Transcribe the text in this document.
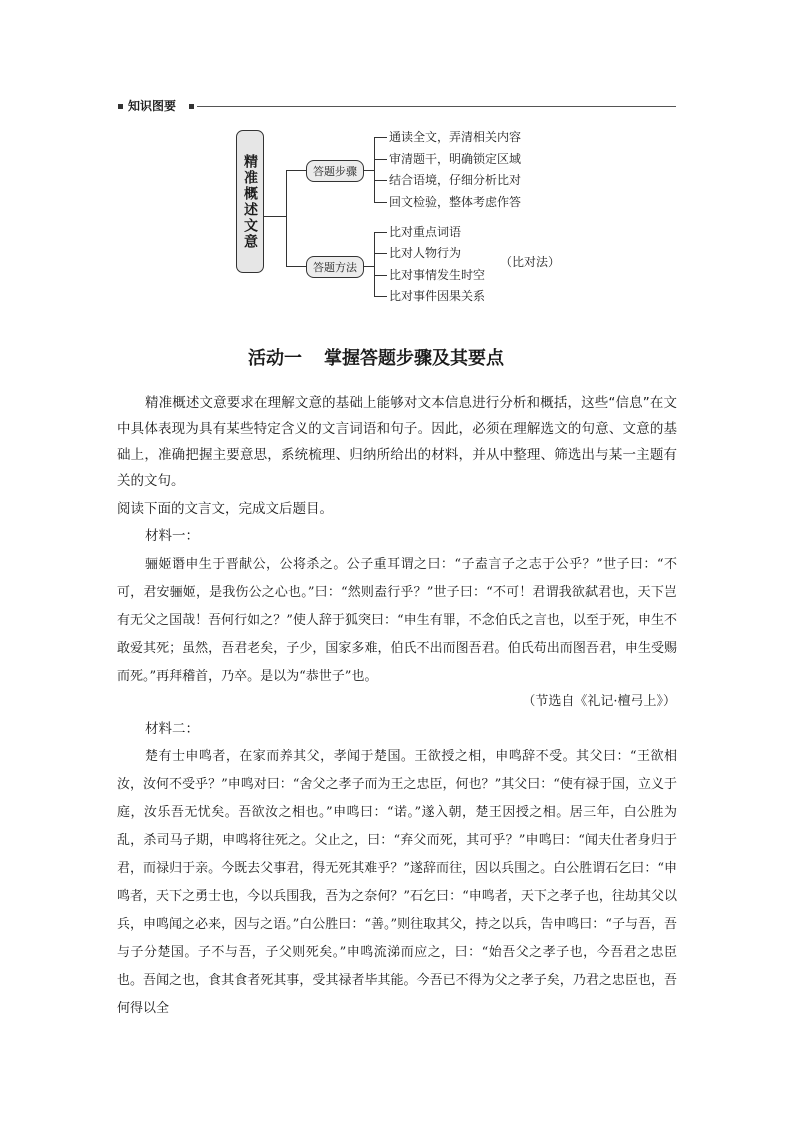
知识图要
精准概述文意	答题步骤
通读全文，弄清相关内容
审清题干，明确锁定区域
结合语境，仔细分析比对
回文检验，整体考虑作答
答题方法
比对重点词语
比对人物行为
比对事情发生时空
比对事件因果关系
（比对法）
活动一 掌握答题步骤及其要点
精准概述文意要求在理解文意的基础上能够对文本信息进行分析和概括，这些“信息”在文中具体表现为具有某些特定含义的文言词语和句子。因此，必须在理解选文的句意、文意的基础上，准确把握主要意思，系统梳理、归纳所给出的材料，并从中整理、筛选出与某一主题有关的文句。
阅读下面的文言文，完成文后题目。
材料一：
骊姬谮申生于晋献公，公将杀之。公子重耳谓之曰：“子盍言子之志于公乎？”世子曰：“不可，君安骊姬，是我伤公之心也。”曰：“然则盍行乎？”世子曰：“不可！君谓我欲弑君也，天下岂有无父之国哉！吾何行如之？”使人辞于狐突曰：“申生有罪，不念伯氏之言也，以至于死，申生不敢爱其死；虽然，吾君老矣，子少，国家多难，伯氏不出而图吾君。伯氏苟出而图吾君，申生受赐而死。”再拜稽首，乃卒。是以为“恭世子”也。
（节选自《礼记·檀弓上》）
材料二：
楚有士申鸣者，在家而养其父，孝闻于楚国。王欲授之相，申鸣辞不受。其父曰：“王欲相汝，汝何不受乎？”申鸣对曰：“舍父之孝子而为王之忠臣，何也？”其父曰：“使有禄于国，立义于庭，汝乐吾无忧矣。吾欲汝之相也。”申鸣曰：“诺。”遂入朝，楚王因授之相。居三年，白公胜为乱，杀司马子期，申鸣将往死之。父止之，曰：“弃父而死，其可乎？”申鸣曰：“闻夫仕者身归于君，而禄归于亲。今既去父事君，得无死其难乎？”遂辞而往，因以兵围之。白公胜谓石乞曰：“申鸣者，天下之勇士也，今以兵围我，吾为之奈何？”石乞曰：“申鸣者，天下之孝子也，往劫其父以兵，申鸣闻之必来，因与之语。”白公胜曰：“善。”则往取其父，持之以兵，告申鸣曰：“子与吾，吾与子分楚国。子不与吾，子父则死矣。”申鸣流涕而应之，曰：“始吾父之孝子也，今吾君之忠臣也。吾闻之也，食其食者死其事，受其禄者毕其能。今吾已不得为父之孝子矣，乃君之忠臣也，吾何得以全
